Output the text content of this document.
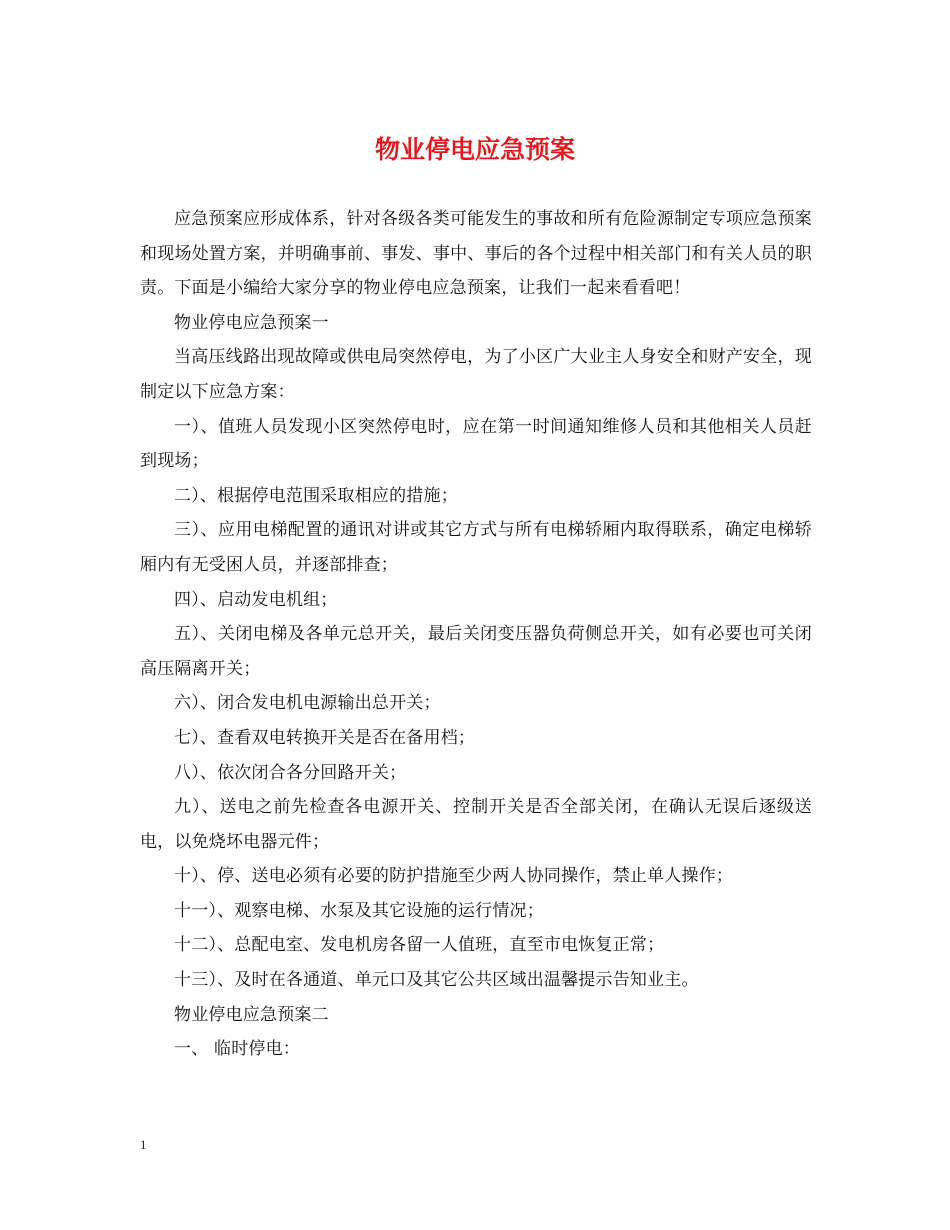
物业停电应急预案

应急预案应形成体系，针对各级各类可能发生的事故和所有危险源制定专项应急预案和现场处置方案，并明确事前、事发、事中、事后的各个过程中相关部门和有关人员的职责。下面是小编给大家分享的物业停电应急预案，让我们一起来看看吧！

物业停电应急预案一

当高压线路出现故障或供电局突然停电，为了小区广大业主人身安全和财产安全，现制定以下应急方案：

一）、值班人员发现小区突然停电时，应在第一时间通知维修人员和其他相关人员赶到现场；

二）、根据停电范围采取相应的措施；

三）、应用电梯配置的通讯对讲或其它方式与所有电梯轿厢内取得联系，确定电梯轿厢内有无受困人员，并逐部排查；

四）、启动发电机组；

五）、关闭电梯及各单元总开关，最后关闭变压器负荷侧总开关，如有必要也可关闭高压隔离开关；

六）、闭合发电机电源输出总开关；

七）、查看双电转换开关是否在备用档；

八）、依次闭合各分回路开关；

九）、送电之前先检查各电源开关、控制开关是否全部关闭，在确认无误后逐级送电，以免烧坏电器元件；

十）、停、送电必须有必要的防护措施至少两人协同操作，禁止单人操作；

十一）、观察电梯、水泵及其它设施的运行情况；

十二）、总配电室、发电机房各留一人值班，直至市电恢复正常；

十三）、及时在各通道、单元口及其它公共区域出温馨提示告知业主。

物业停电应急预案二

一、 临时停电：

1
